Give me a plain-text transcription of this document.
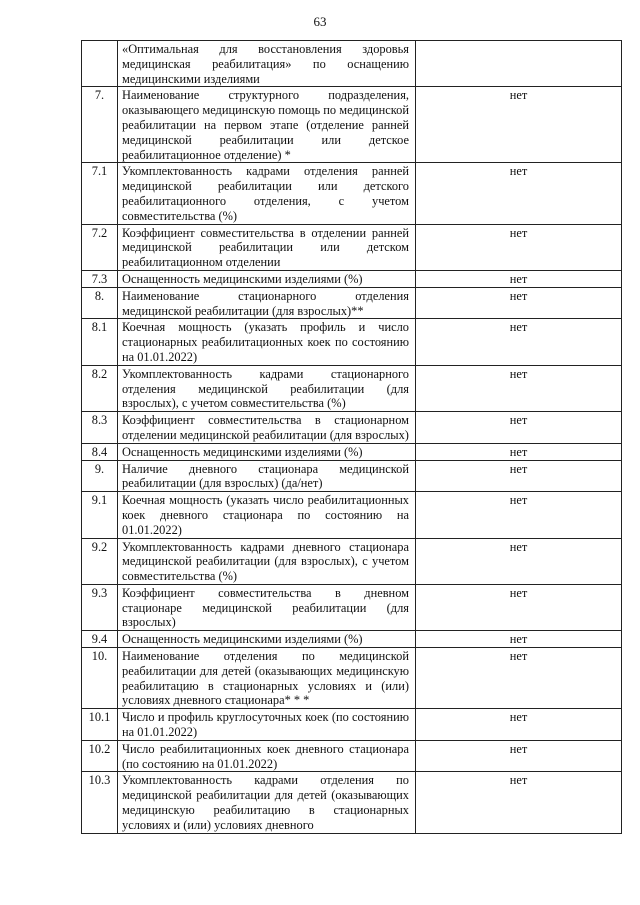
63
	«Оптимальная для восстановления здоровья медицинская реабилитация» по оснащению медицинскими изделиями	
7.	Наименование структурного подразделения, оказывающего медицинскую помощь по медицинской реабилитации на первом этапе (отделение ранней медицинской реабилитации или детское реабилитационное отделение) *	нет
7.1	Укомплектованность кадрами отделения ранней медицинской реабилитации или детского реабилитационного отделения, с учетом совместительства (%)	нет
7.2	Коэффициент совместительства в отделении ранней медицинской реабилитации или детском реабилитационном отделении	нет
7.3	Оснащенность медицинскими изделиями (%)	нет
8.	Наименование стационарного отделения медицинской реабилитации (для взрослых)**	нет
8.1	Коечная мощность (указать профиль и число стационарных реабилитационных коек по состоянию на 01.01.2022)	нет
8.2	Укомплектованность кадрами стационарного отделения медицинской реабилитации (для взрослых), с учетом совместительства (%)	нет
8.3	Коэффициент совместительства в стационарном отделении медицинской реабилитации (для взрослых)	нет
8.4	Оснащенность медицинскими изделиями (%)	нет
9.	Наличие дневного стационара медицинской реабилитации (для взрослых) (да/нет)	нет
9.1	Коечная мощность (указать число реабилитационных коек дневного стационара по состоянию на 01.01.2022)	нет
9.2	Укомплектованность кадрами дневного стационара медицинской реабилитации (для взрослых), с учетом совместительства (%)	нет
9.3	Коэффициент совместительства в дневном стационаре медицинской реабилитации (для взрослых)	нет
9.4	Оснащенность медицинскими изделиями (%)	нет
10.	Наименование отделения по медицинской реабилитации для детей (оказывающих медицинскую реабилитацию в стационарных условиях и (или) условиях дневного стационара* * *	нет
10.1	Число и профиль круглосуточных коек (по состоянию на 01.01.2022)	нет
10.2	Число реабилитационных коек дневного стационара (по состоянию на 01.01.2022)	нет
10.3	Укомплектованность кадрами отделения по медицинской реабилитации для детей (оказывающих медицинскую реабилитацию в стационарных условиях и (или) условиях дневного	нет
